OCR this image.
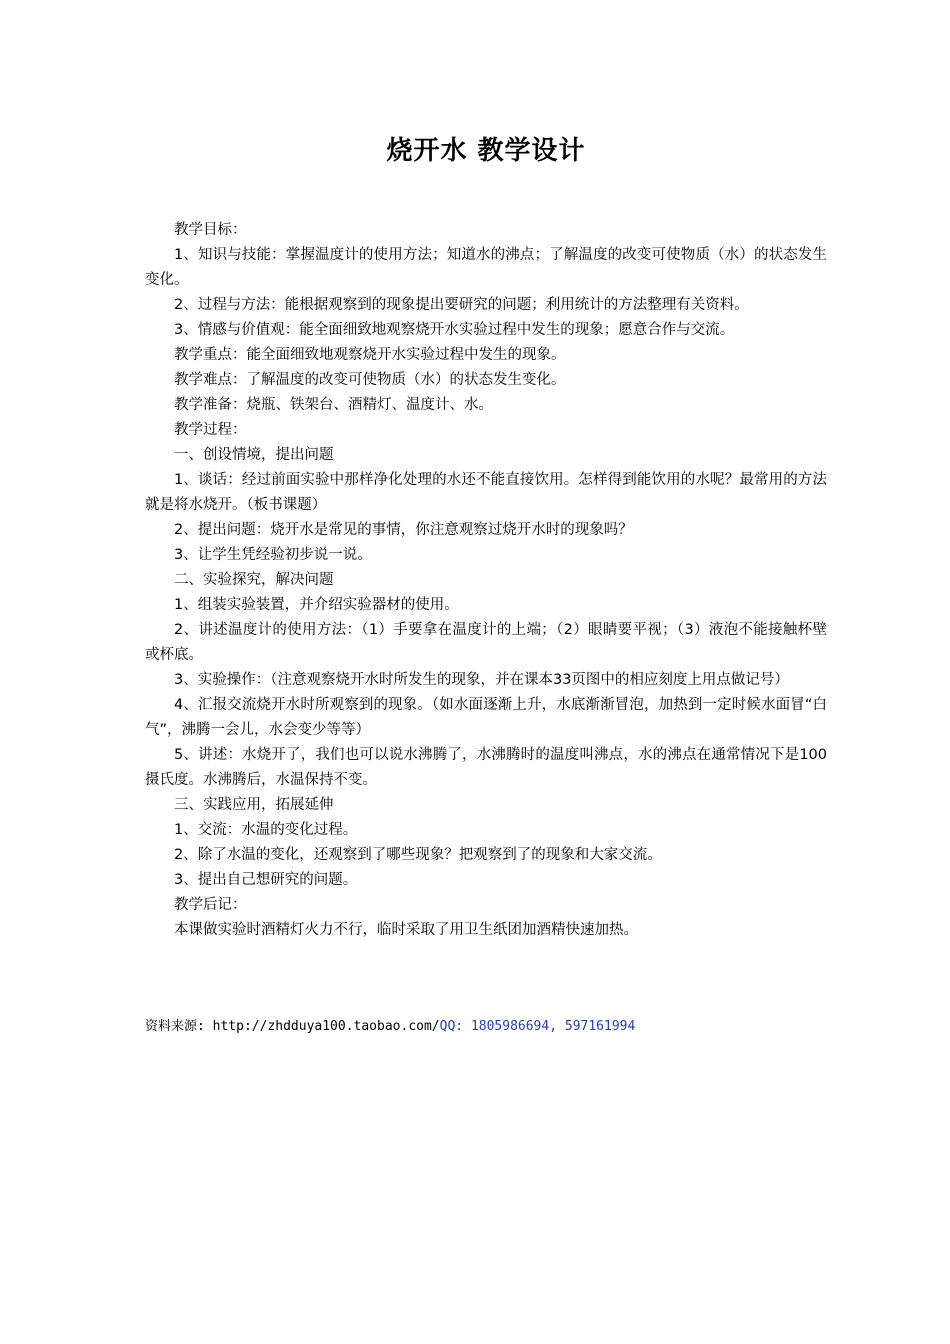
烧开水 教学设计

教学目标：

1、知识与技能：掌握温度计的使用方法；知道水的沸点；了解温度的改变可使物质（水）的状态发生变化。

2、过程与方法：能根据观察到的现象提出要研究的问题；利用统计的方法整理有关资料。

3、情感与价值观：能全面细致地观察烧开水实验过程中发生的现象；愿意合作与交流。

教学重点：能全面细致地观察烧开水实验过程中发生的现象。

教学难点：了解温度的改变可使物质（水）的状态发生变化。

教学准备：烧瓶、铁架台、酒精灯、温度计、水。

教学过程：

一、创设情境，提出问题

1、谈话：经过前面实验中那样净化处理的水还不能直接饮用。怎样得到能饮用的水呢？最常用的方法就是将水烧开。（板书课题）

2、提出问题：烧开水是常见的事情，你注意观察过烧开水时的现象吗？

3、让学生凭经验初步说一说。

二、实验探究，解决问题

1、组装实验装置，并介绍实验器材的使用。

2、讲述温度计的使用方法：（1）手要拿在温度计的上端；（2）眼睛要平视；（3）液泡不能接触杯壁或杯底。

3、实验操作：（注意观察烧开水时所发生的现象，并在课本33页图中的相应刻度上用点做记号）

4、汇报交流烧开水时所观察到的现象。（如水面逐渐上升，水底渐渐冒泡，加热到一定时候水面冒“白气”，沸腾一会儿，水会变少等等）

5、讲述：水烧开了，我们也可以说水沸腾了，水沸腾时的温度叫沸点，水的沸点在通常情况下是100摄氏度。水沸腾后，水温保持不变。

三、实践应用，拓展延伸

1、交流：水温的变化过程。

2、除了水温的变化，还观察到了哪些现象？把观察到了的现象和大家交流。

3、提出自己想研究的问题。

教学后记：

本课做实验时酒精灯火力不行，临时采取了用卫生纸团加酒精快速加热。

资料来源: http://zhdduya100.taobao.com/QQ: 1805986694, 597161994
